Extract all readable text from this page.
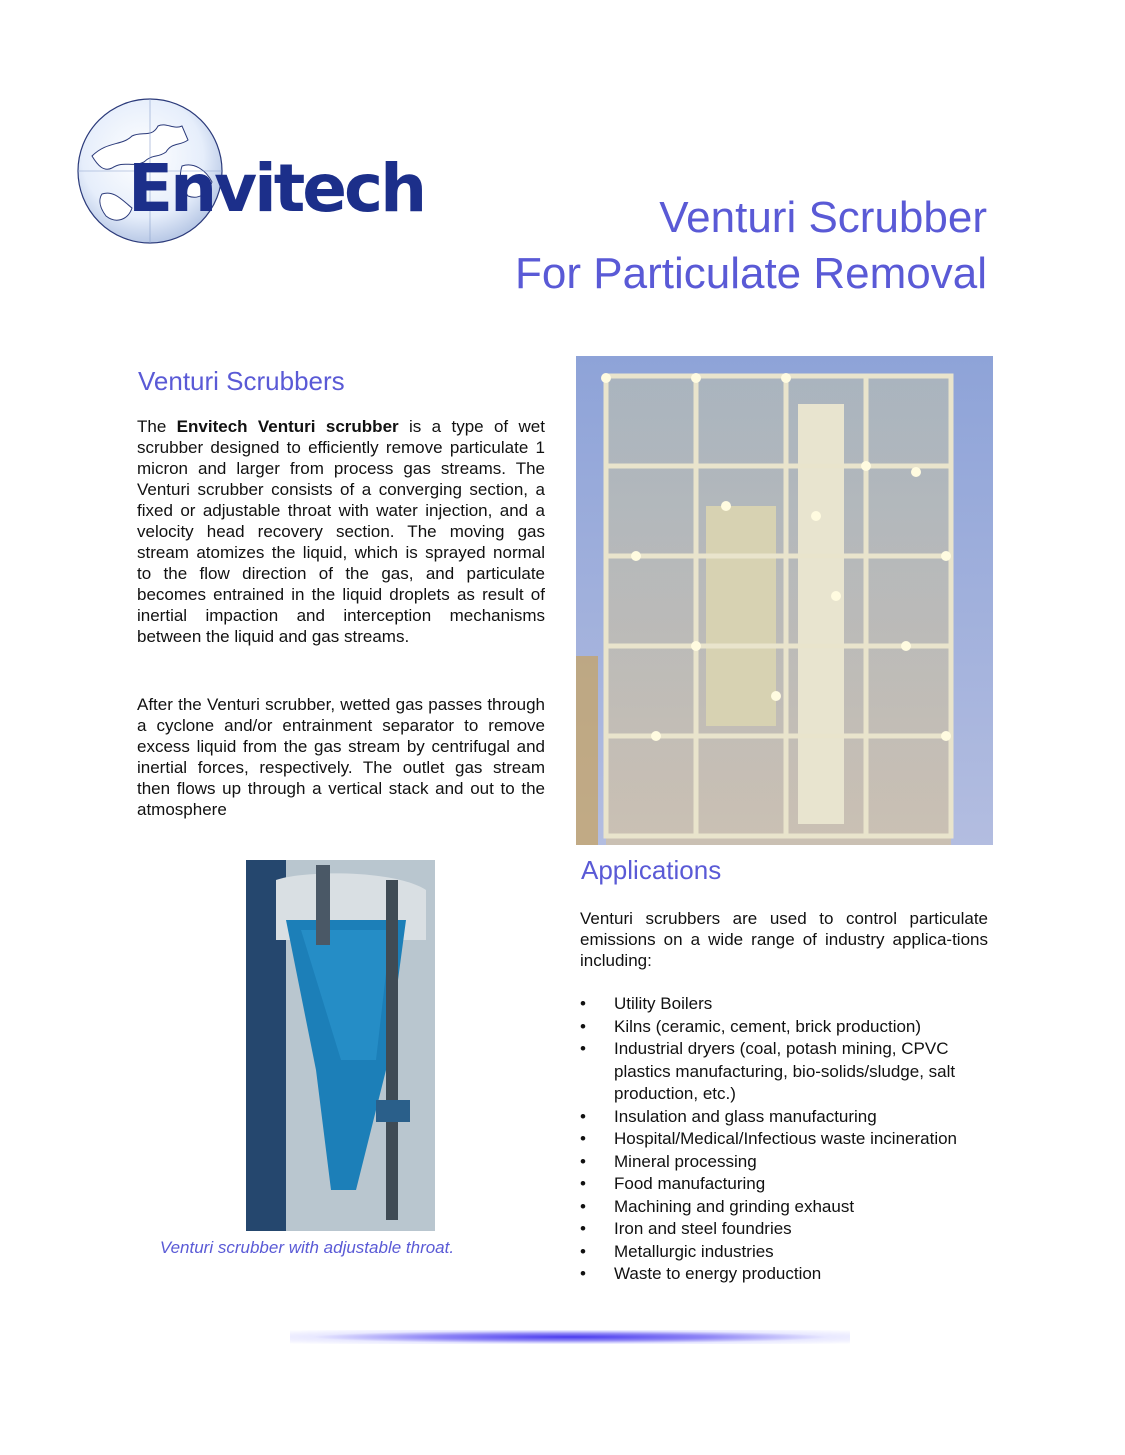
Envitech	Venturi Scrubber
For Particulate Removal
Venturi Scrubbers

The Envitech Venturi scrubber is a type of wet scrubber designed to efficiently remove particulate 1 micron and larger from process gas streams. The Venturi scrubber consists of a converging section, a fixed or adjustable throat with water injection, and a velocity head recovery section. The moving gas stream atomizes the liquid, which is sprayed normal to the flow direction of the gas, and particulate becomes entrained in the liquid droplets as result of inertial impaction and interception mechanisms between the liquid and gas streams.

After the Venturi scrubber, wetted gas passes through a cyclone and/or entrainment separator to remove excess liquid from the gas stream by centrifugal and inertial forces, respectively. The outlet gas stream then flows up through a vertical stack and out to the atmosphere

Venturi scrubber with adjustable throat.
Applications

Venturi scrubbers are used to control particulate emissions on a wide range of industry applica-tions including:

• Utility Boilers
• Kilns (ceramic, cement, brick production)
• Industrial dryers (coal, potash mining, CPVC plastics manufacturing, bio-solids/sludge, salt production, etc.)
• Insulation and glass manufacturing
• Hospital/Medical/Infectious waste incineration
• Mineral processing
• Food manufacturing
• Machining and grinding exhaust
• Iron and steel foundries
• Metallurgic industries
• Waste to energy production
